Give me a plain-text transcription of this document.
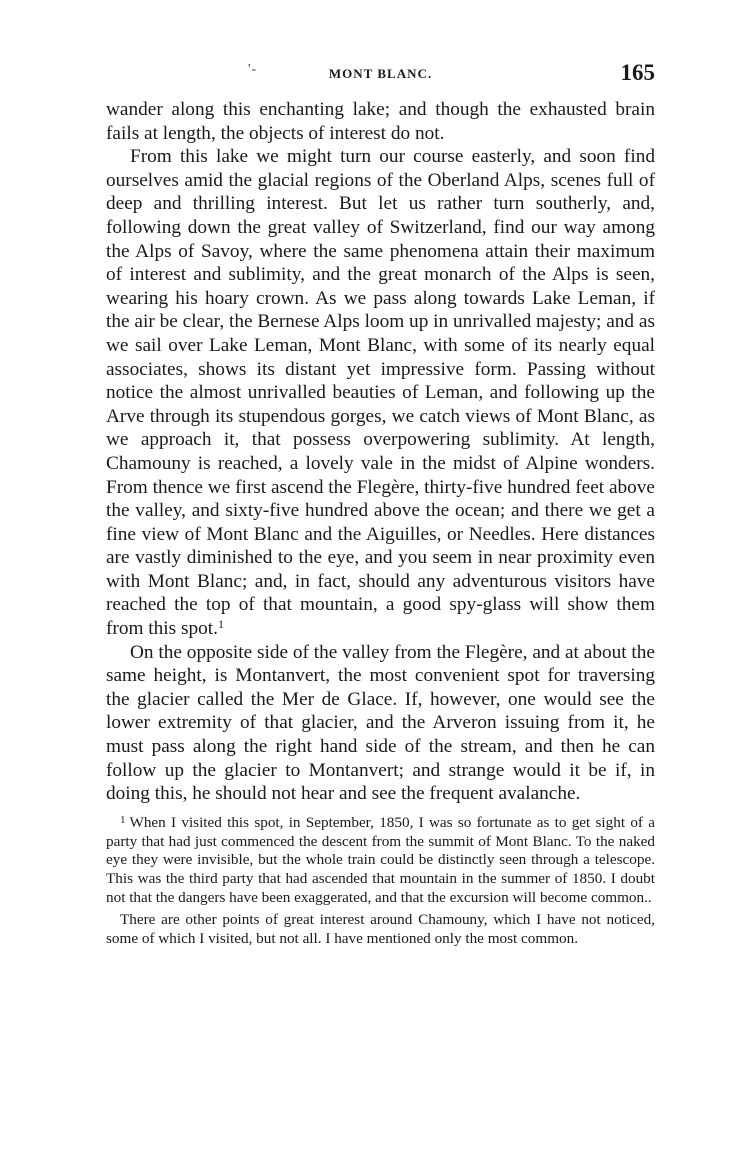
'-	MONT BLANC.	165

wander along this enchanting lake; and though the exhausted brain fails at length, the objects of interest do not.

From this lake we might turn our course easterly, and soon find ourselves amid the glacial regions of the Oberland Alps, scenes full of deep and thrilling interest. But let us rather turn southerly, and, following down the great valley of Switzerland, find our way among the Alps of Savoy, where the same phenomena attain their maximum of interest and sublimity, and the great monarch of the Alps is seen, wearing his hoary crown. As we pass along towards Lake Leman, if the air be clear, the Bernese Alps loom up in unrivalled majesty; and as we sail over Lake Leman, Mont Blanc, with some of its nearly equal associates, shows its distant yet impressive form. Passing without notice the almost unrivalled beauties of Leman, and following up the Arve through its stupendous gorges, we catch views of Mont Blanc, as we approach it, that possess overpowering sublimity. At length, Chamouny is reached, a lovely vale in the midst of Alpine wonders. From thence we first ascend the Flegère, thirty-five hundred feet above the valley, and sixty-five hundred above the ocean; and there we get a fine view of Mont Blanc and the Aiguilles, or Needles. Here distances are vastly diminished to the eye, and you seem in near proximity even with Mont Blanc; and, in fact, should any adventurous visitors have reached the top of that mountain, a good spy-glass will show them from this spot.$^1$

On the opposite side of the valley from the Flegère, and at about the same height, is Montanvert, the most convenient spot for traversing the glacier called the Mer de Glace. If, however, one would see the lower extremity of that glacier, and the Arveron issuing from it, he must pass along the right hand side of the stream, and then he can follow up the glacier to Montanvert; and strange would it be if, in doing this, he should not hear and see the frequent avalanche.

$^1$ When I visited this spot, in September, 1850, I was so fortunate as to get sight of a party that had just commenced the descent from the summit of Mont Blanc. To the naked eye they were invisible, but the whole train could be distinctly seen through a telescope. This was the third party that had ascended that mountain in the summer of 1850. I doubt not that the dangers have been exaggerated, and that the excursion will become common..

There are other points of great interest around Chamouny, which I have not noticed, some of which I visited, but not all. I have mentioned only the most common.
